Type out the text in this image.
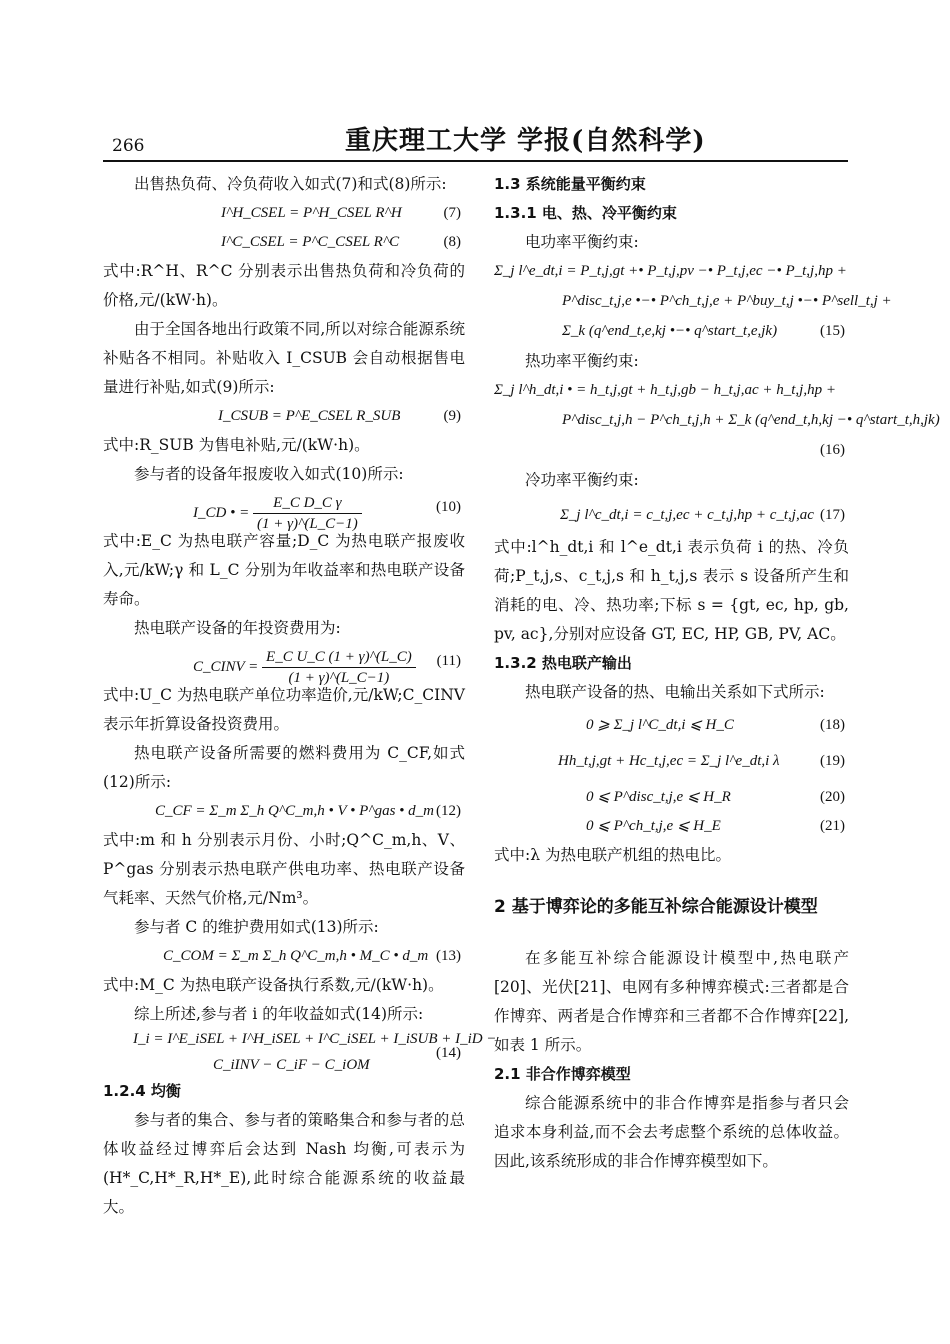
266	重庆理工大学 学报(自然科学)

出售热负荷、冷负荷收入如式(7)和式(8)所示:

I^H_CSEL = P^H_CSEL R^H	(7)
I^C_CSEL = P^C_CSEL R^C	(8)

式中:R^H、R^C 分别表示出售热负荷和冷负荷的价格,元/(kW·h)。

由于全国各地出行政策不同,所以对综合能源系统补贴各不相同。补贴收入 I_CSUB 会自动根据售电量进行补贴,如式(9)所示:

I_CSUB = P^E_CSEL R_SUB	(9)

式中:R_SUB 为售电补贴,元/(kW·h)。

参与者的设备年报废收入如式(10)所示:

I_CD • = $\frac{\text{E\_C D\_C γ}}{(1 + \gamma)\^{}(L\_C-1)}$	(10)

式中:E_C 为热电联产容量;D_C 为热电联产报废收入,元/kW;γ 和 L_C 分别为年收益率和热电联产设备寿命。

热电联产设备的年投资费用为:

C_CINV = $\frac{\text{E\_C U\_C (1 + γ)\textasciicircum{}(L\_C)}}{(1 + \gamma)\^{}(L\_C-1)} (11)$

式中:U_C 为热电联产单位功率造价,元/kW;C_CINV 表示年折算设备投资费用。

热电联产设备所需要的燃料费用为 C_CF,如式(12)所示:

C_CF = Σ_m Σ_h Q^C_m,h • V • P^gas • d_m (12)

式中:m 和 h 分别表示月份、小时;Q^C_m,h、V、P^gas 分别表示热电联产供电功率、热电联产设备气耗率、天然气价格,元/Nm³。

参与者 C 的维护费用如式(13)所示:

C_COM = Σ_m Σ_h Q^C_m,h • M_C • d_m (13)

式中:M_C 为热电联产设备执行系数,元/(kW·h)。

综上所述,参与者 i 的年收益如式(14)所示:

I_i = I^E_iSEL + I^H_iSEL + I^C_iSEL + I_iSUB + I_iD −
C_iINV − C_iF − C_iOM
(14)

1.2.4 均衡

参与者的集合、参与者的策略集合和参与者的总体收益经过博弈后会达到 Nash 均衡,可表示为(H*_C,H*_R,H*_E),此时综合能源系统的收益最大。

1.3 系统能量平衡约束

1.3.1 电、热、冷平衡约束

电功率平衡约束:

Σ_j l^e_dt,i = P_t,j,gt +• P_t,j,pv −• P_t,j,ec −• P_t,j,hp +
P^disc_t,j,e •−• P^ch_t,j,e + P^buy_t,j •−• P^sell_t,j +
Σ_k (q^end_t,e,kj •−• q^start_t,e,jk)	(15)

热功率平衡约束:

Σ_j l^h_dt,i • = h_t,j,gt + h_t,j,gb − h_t,j,ac + h_t,j,hp +
P^disc_t,j,h − P^ch_t,j,h + Σ_k (q^end_t,h,kj −• q^start_t,h,jk)
(16)

冷功率平衡约束:

Σ_j l^c_dt,i = c_t,j,ec + c_t,j,hp + c_t,j,ac (17)

式中:l^h_dt,i 和 l^e_dt,i 表示负荷 i 的热、冷负荷;P_t,j,s、c_t,j,s 和 h_t,j,s 表示 s 设备所产生和消耗的电、冷、热功率;下标 s = {gt, ec, hp, gb, pv, ac},分别对应设备 GT, EC, HP, GB, PV, AC。

1.3.2 热电联产输出

热电联产设备的热、电输出关系如下式所示:

0 ⩾ Σ_j l^C_dt,i ⩽ H_C	(18)
Hh_t,j,gt + Hc_t,j,ec = Σ_j l^e_dt,i λ	(19)
0 ⩽ P^disc_t,j,e ⩽ H_R	(20)
0 ⩽ P^ch_t,j,e ⩽ H_E	(21)

式中:λ 为热电联产机组的热电比。

2 基于博弈论的多能互补综合能源设计模型

在多能互补综合能源设计模型中,热电联产[20]、光伏[21]、电网有多种博弈模式:三者都是合作博弈、两者是合作博弈和三者都不合作博弈[22],如表 1 所示。

2.1 非合作博弈模型

综合能源系统中的非合作博弈是指参与者只会追求本身利益,而不会去考虑整个系统的总体收益。因此,该系统形成的非合作博弈模型如下。
